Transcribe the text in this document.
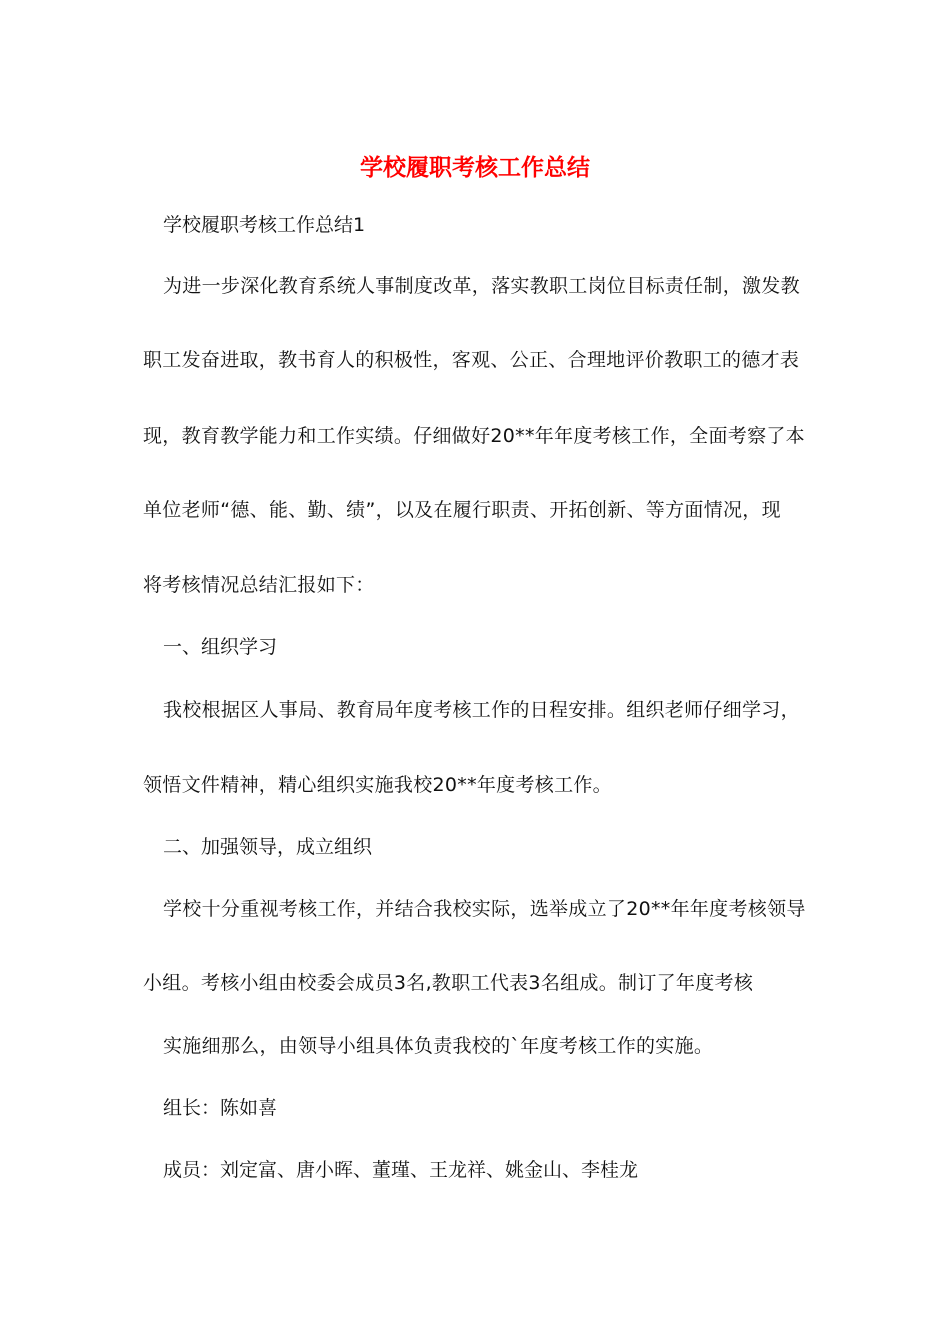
学校履职考核工作总结
学校履职考核工作总结1
为进一步深化教育系统人事制度改革，落实教职工岗位目标责任制，激发教
职工发奋进取，教书育人的积极性，客观、公正、合理地评价教职工的德才表
现，教育教学能力和工作实绩。仔细做好20**年年度考核工作，全面考察了本
单位老师“德、能、勤、绩”，以及在履行职责、开拓创新、等方面情况，现
将考核情况总结汇报如下：
一、组织学习
我校根据区人事局、教育局年度考核工作的日程安排。组织老师仔细学习，
领悟文件精神，精心组织实施我校20**年度考核工作。
二、加强领导，成立组织
学校十分重视考核工作，并结合我校实际，选举成立了20**年年度考核领导
小组。考核小组由校委会成员3名,教职工代表3名组成。制订了年度考核
实施细那么，由领导小组具体负责我校的`年度考核工作的实施。
组长：陈如喜
成员：刘定富、唐小晖、董瑾、王龙祥、姚金山、李桂龙
